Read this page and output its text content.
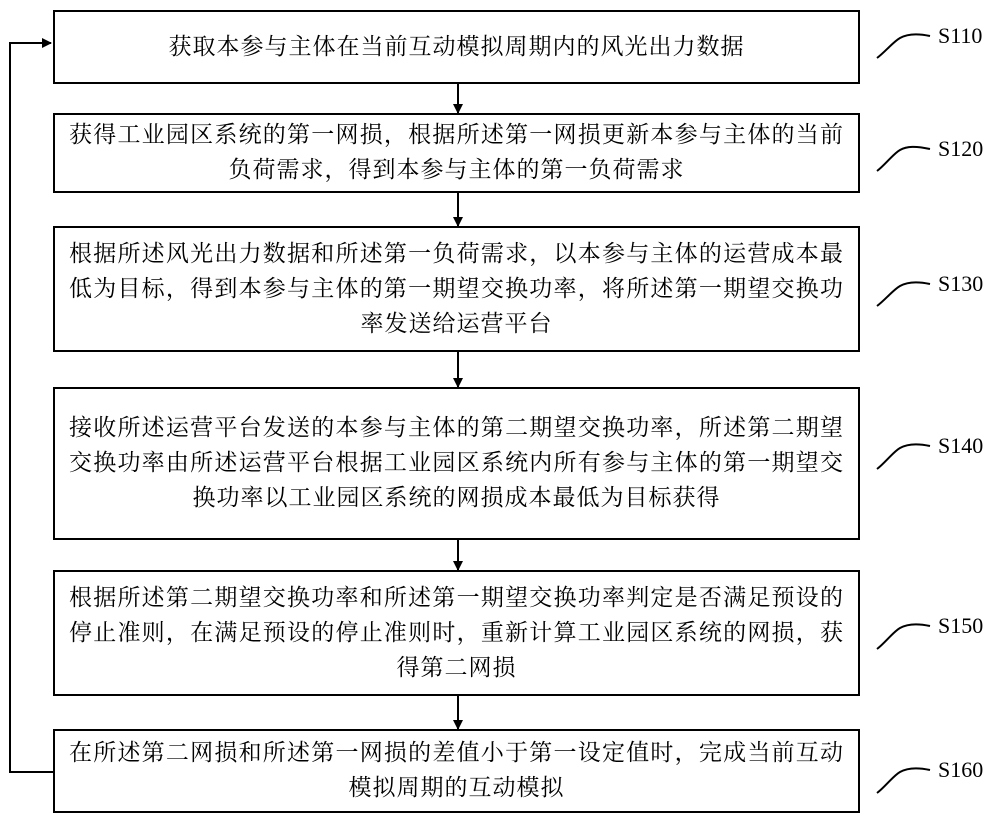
获取本参与主体在当前互动模拟周期内的风光出力数据
获得工业园区系统的第一网损，根据所述第一网损更新本参与主体的当前负荷需求，得到本参与主体的第一负荷需求
根据所述风光出力数据和所述第一负荷需求，以本参与主体的运营成本最低为目标，得到本参与主体的第一期望交换功率，将所述第一期望交换功率发送给运营平台
接收所述运营平台发送的本参与主体的第二期望交换功率，所述第二期望交换功率由所述运营平台根据工业园区系统内所有参与主体的第一期望交换功率以工业园区系统的网损成本最低为目标获得
根据所述第二期望交换功率和所述第一期望交换功率判定是否满足预设的停止准则，在满足预设的停止准则时，重新计算工业园区系统的网损，获得第二网损
在所述第二网损和所述第一网损的差值小于第一设定值时，完成当前互动模拟周期的互动模拟
S110
S120
S130
S140
S150
S160
